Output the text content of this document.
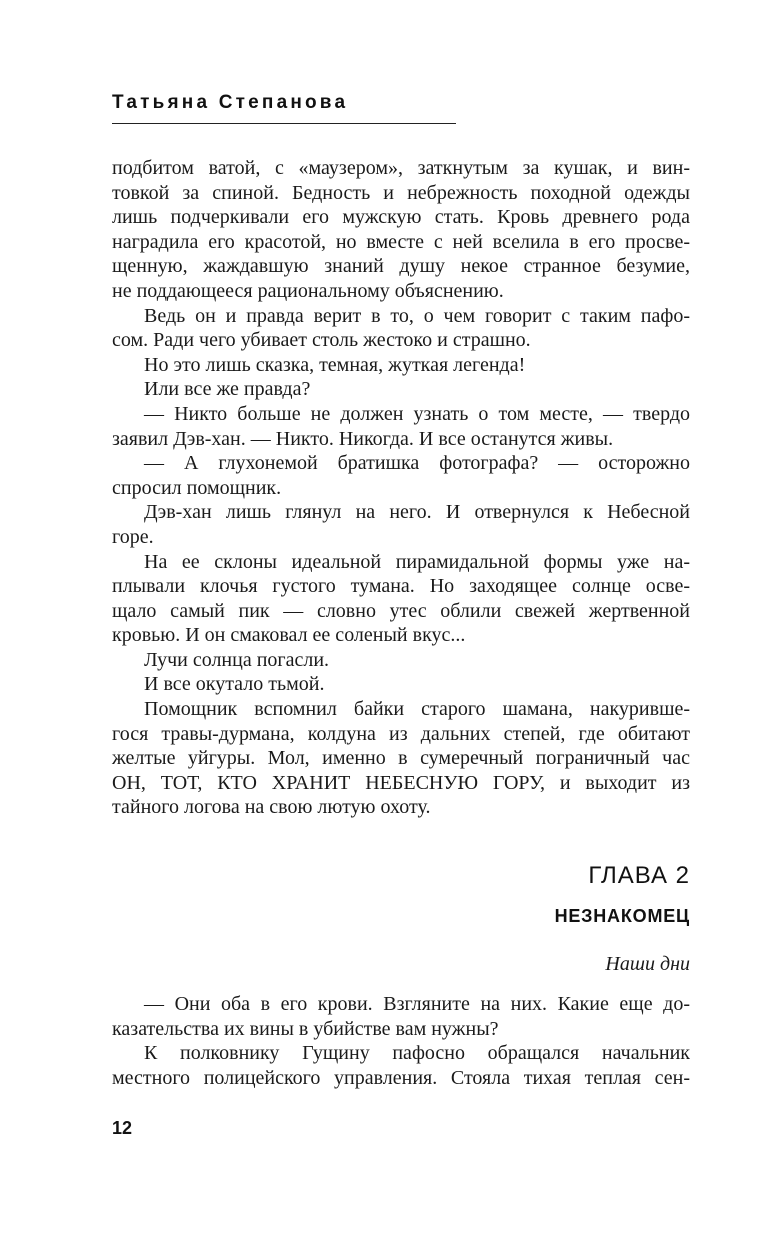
Татьяна Степанова
подбитом ватой, с «маузером», заткнутым за кушак, и вин-
товкой за спиной. Бедность и небрежность походной одежды
лишь подчеркивали его мужскую стать. Кровь древнего рода
наградила его красотой, но вместе с ней вселила в его просве-
щенную, жаждавшую знаний душу некое странное безумие,
не поддающееся рациональному объяснению.
Ведь он и правда верит в то, о чем говорит с таким пафо-
сом. Ради чего убивает столь жестоко и страшно.
Но это лишь сказка, темная, жуткая легенда!
Или все же правда?
— Никто больше не должен узнать о том месте, — твердо
заявил Дэв-хан. — Никто. Никогда. И все останутся живы.
— А глухонемой братишка фотографа? — осторожно
спросил помощник.
Дэв-хан лишь глянул на него. И отвернулся к Небесной
горе.
На ее склоны идеальной пирамидальной формы уже на-
плывали клочья густого тумана. Но заходящее солнце осве-
щало самый пик — словно утес облили свежей жертвенной
кровью. И он смаковал ее соленый вкус...
Лучи солнца погасли.
И все окутало тьмой.
Помощник вспомнил байки старого шамана, накуривше-
гося травы-дурмана, колдуна из дальних степей, где обитают
желтые уйгуры. Мол, именно в сумеречный пограничный час
ОН, ТОТ, КТО ХРАНИТ НЕБЕСНУЮ ГОРУ, и выходит из
тайного логова на свою лютую охоту.
ГЛАВА 2
НЕЗНАКОМЕЦ
Наши дни
— Они оба в его крови. Взгляните на них. Какие еще до-
казательства их вины в убийстве вам нужны?
К полковнику Гущину пафосно обращался начальник
местного полицейского управления. Стояла тихая теплая сен-
12
